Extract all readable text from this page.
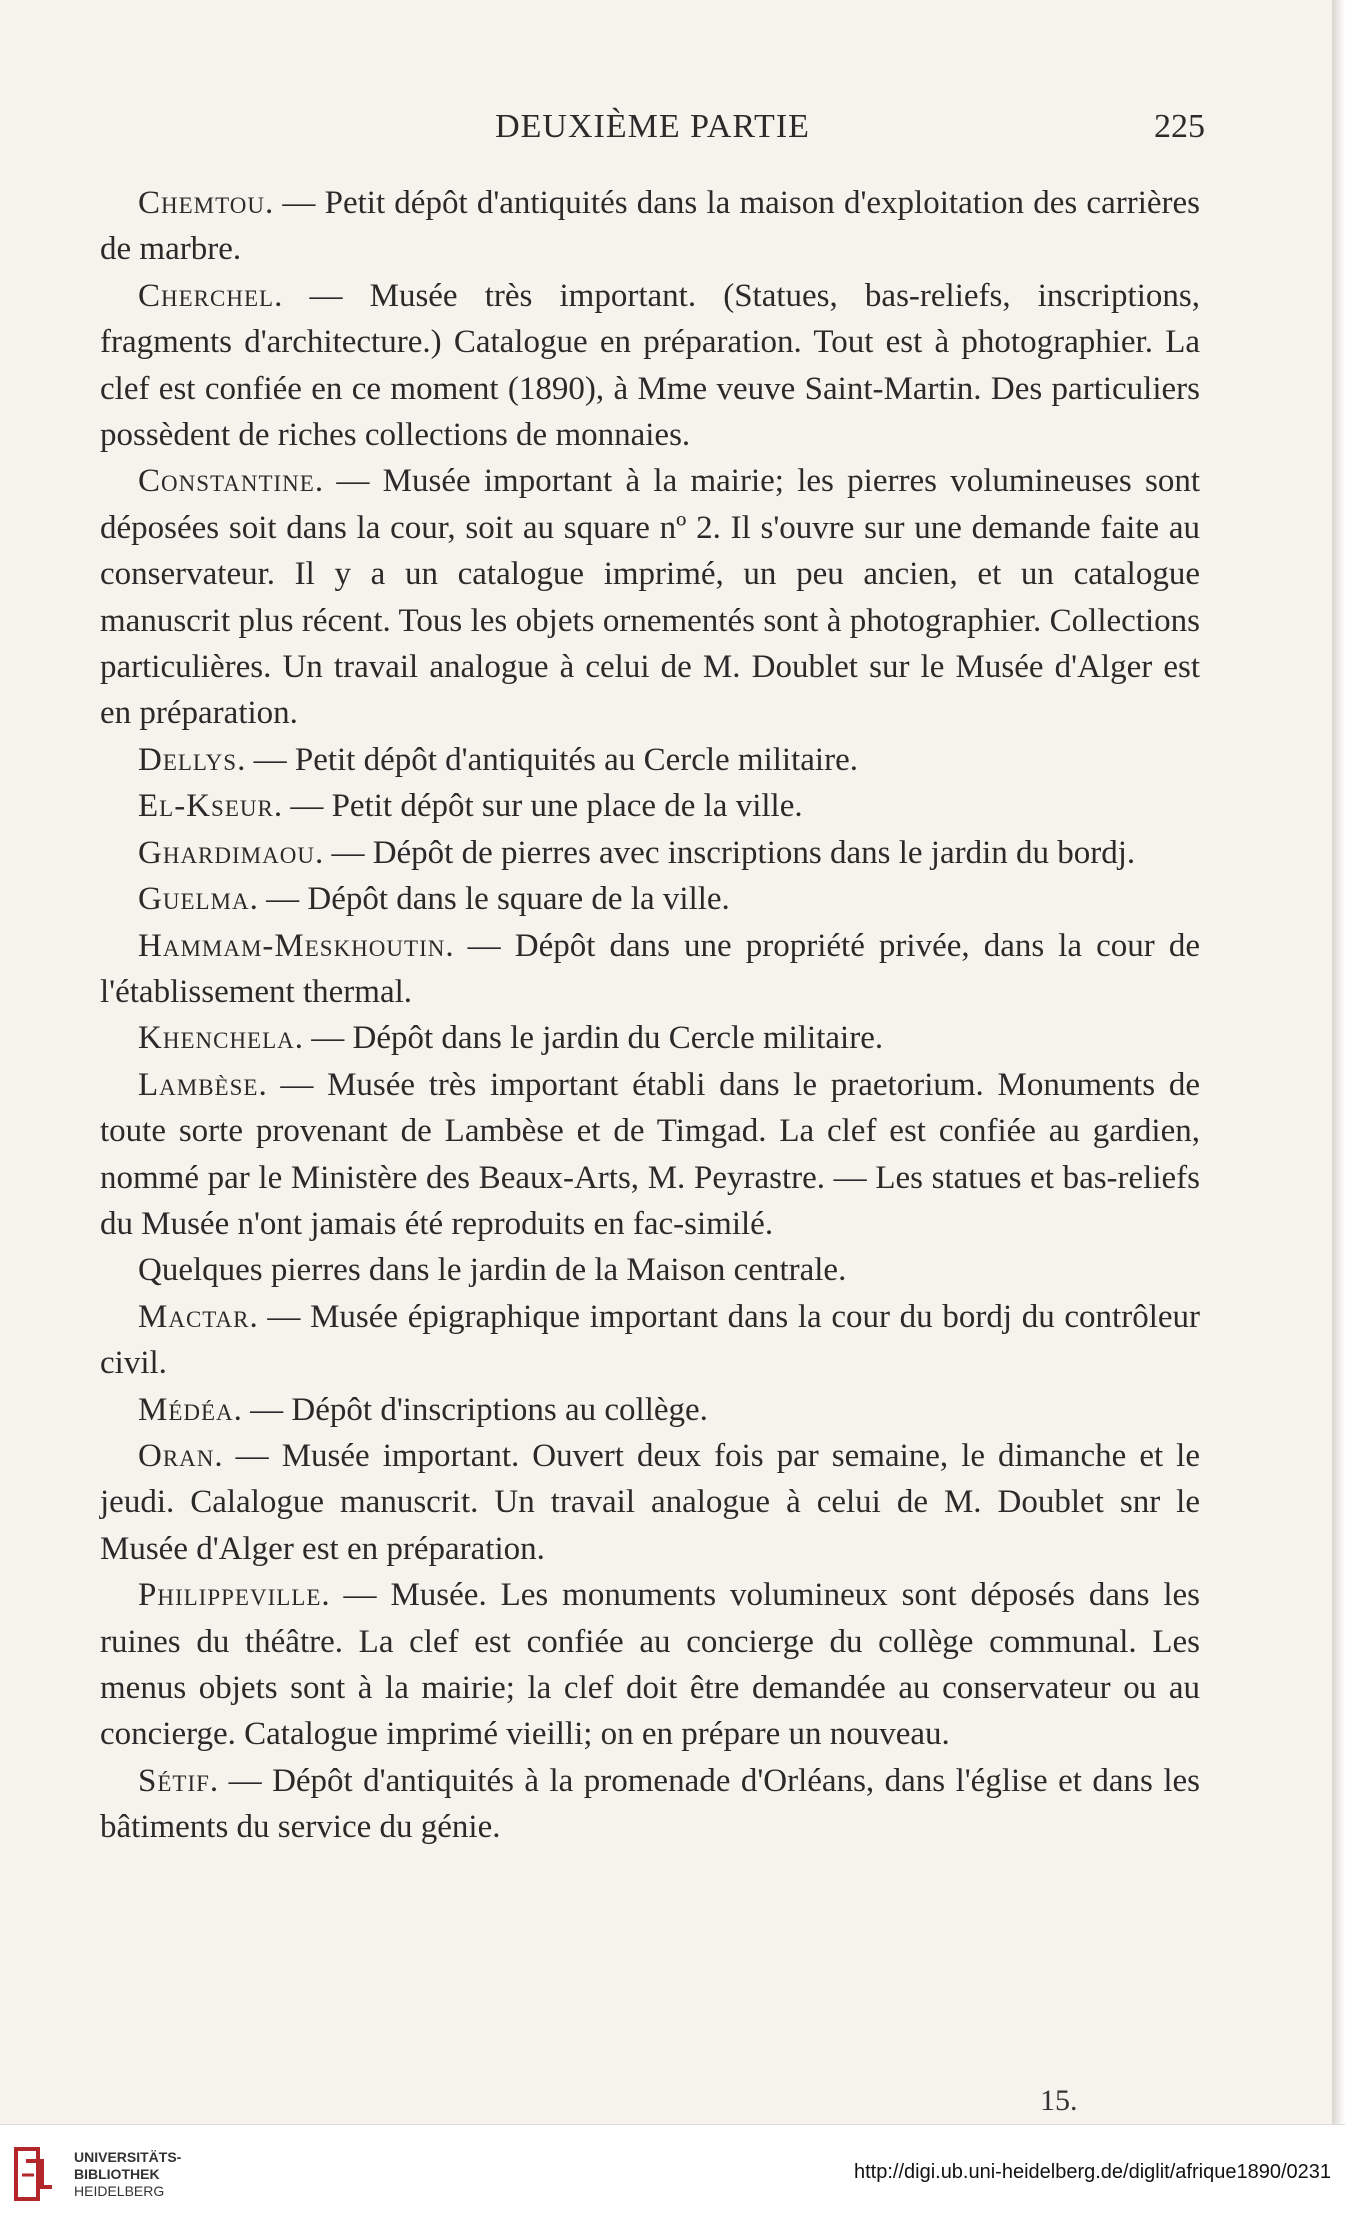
DEUXIÈME PARTIE	225

Chemtou. — Petit dépôt d'antiquités dans la maison d'exploitation des carrières de marbre.

Cherchel. — Musée très important. (Statues, bas-reliefs, inscriptions, fragments d'architecture.) Catalogue en préparation. Tout est à photographier. La clef est confiée en ce moment (1890), à Mme veuve Saint-Martin. Des particuliers possèdent de riches collections de monnaies.

Constantine. — Musée important à la mairie; les pierres volumineuses sont déposées soit dans la cour, soit au square nº 2. Il s'ouvre sur une demande faite au conservateur. Il y a un catalogue imprimé, un peu ancien, et un catalogue manuscrit plus récent. Tous les objets ornementés sont à photographier. Collections particulières. Un travail analogue à celui de M. Doublet sur le Musée d'Alger est en préparation.

Dellys. — Petit dépôt d'antiquités au Cercle militaire.

El-Kseur. — Petit dépôt sur une place de la ville.

Ghardimaou. — Dépôt de pierres avec inscriptions dans le jardin du bordj.

Guelma. — Dépôt dans le square de la ville.

Hammam-Meskhoutin. — Dépôt dans une propriété privée, dans la cour de l'établissement thermal.

Khenchela. — Dépôt dans le jardin du Cercle militaire.

Lambèse. — Musée très important établi dans le praetorium. Monuments de toute sorte provenant de Lambèse et de Timgad. La clef est confiée au gardien, nommé par le Ministère des Beaux-Arts, M. Peyrastre. — Les statues et bas-reliefs du Musée n'ont jamais été reproduits en fac-similé.

Quelques pierres dans le jardin de la Maison centrale.

Mactar. — Musée épigraphique important dans la cour du bordj du contrôleur civil.

Médéa. — Dépôt d'inscriptions au collège.

Oran. — Musée important. Ouvert deux fois par semaine, le dimanche et le jeudi. Calalogue manuscrit. Un travail analogue à celui de M. Doublet snr le Musée d'Alger est en préparation.

Philippeville. — Musée. Les monuments volumineux sont déposés dans les ruines du théâtre. La clef est confiée au concierge du collège communal. Les menus objets sont à la mairie; la clef doit être demandée au conservateur ou au concierge. Catalogue imprimé vieilli; on en prépare un nouveau.

Sétif. — Dépôt d'antiquités à la promenade d'Orléans, dans l'église et dans les bâtiments du service du génie.

15.
UNIVERSITÄTS-
BIBLIOTHEK
HEIDELBERG
http://digi.ub.uni-heidelberg.de/diglit/afrique1890/0231
